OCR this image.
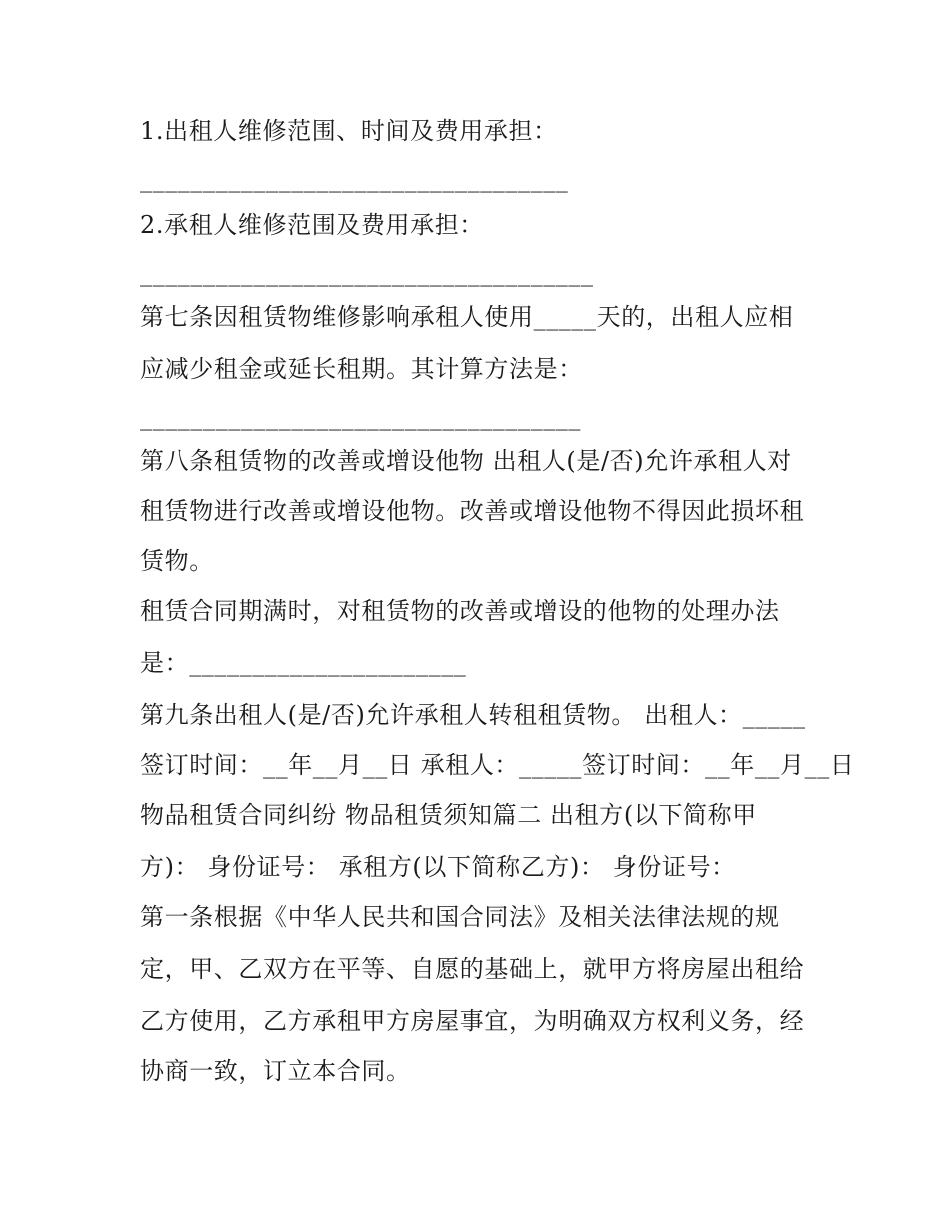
1.出租人维修范围、时间及费用承担：
__________________________________
2.承租人维修范围及费用承担：
____________________________________
第七条因租赁物维修影响承租人使用_____天的，出租人应相
应减少租金或延长租期。其计算方法是：
___________________________________
第八条租赁物的改善或增设他物 出租人(是/否)允许承租人对
租赁物进行改善或增设他物。改善或增设他物不得因此损坏租
赁物。
租赁合同期满时，对租赁物的改善或增设的他物的处理办法
是：______________________
第九条出租人(是/否)允许承租人转租租赁物。 出租人：_____
签订时间：__年__月__日 承租人：_____签订时间：__年__月__日
物品租赁合同纠纷 物品租赁须知篇二 出租方(以下简称甲
方)： 身份证号： 承租方(以下简称乙方)： 身份证号：
第一条根据《中华人民共和国合同法》及相关法律法规的规
定，甲、乙双方在平等、自愿的基础上，就甲方将房屋出租给
乙方使用，乙方承租甲方房屋事宜，为明确双方权利义务，经
协商一致，订立本合同。
